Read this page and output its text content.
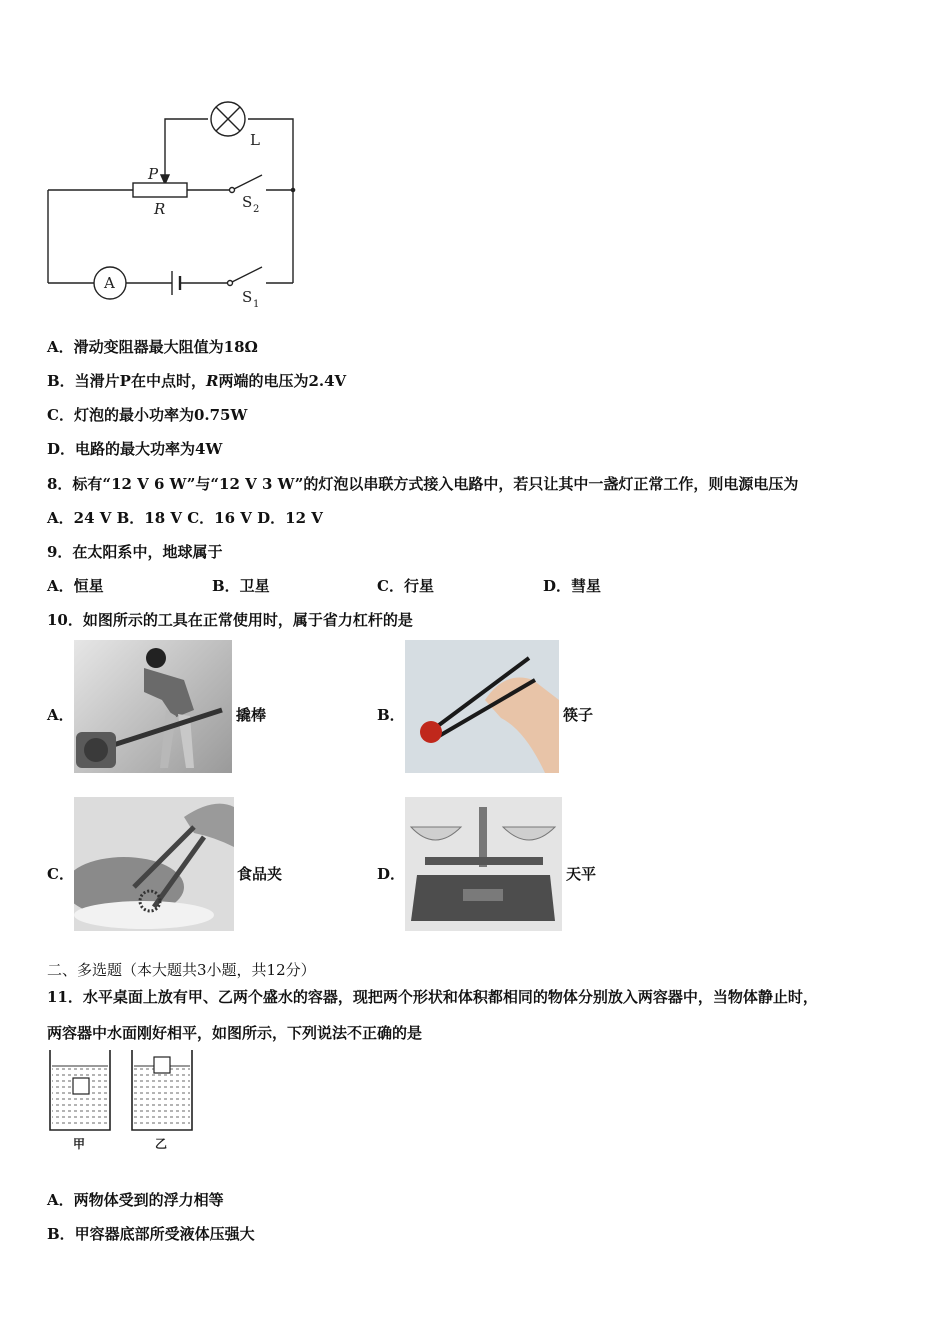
L
P
R	S 2
A
S 1
A．滑动变阻器最大阻值为18Ω
B．当滑片P在中点时，R两端的电压为2.4V
C．灯泡的最小功率为0.75W
D．电路的最大功率为4W
8．标有“12 V 6 W”与“12 V 3 W”的灯泡以串联方式接入电路中，若只让其中一盏灯正常工作，则电源电压为
A．24 V B．18 V C．16 V D．12 V
9．在太阳系中，地球属于
A．恒星	B．卫星	C．行星	D．彗星
10．如图所示的工具在正常使用时，属于省力杠杆的是
A．	撬棒	B．	筷子
C．	食品夹	D．	天平
二、多选题（本大题共3小题，共12分）
11．水平桌面上放有甲、乙两个盛水的容器，现把两个形状和体积都相同的物体分别放入两容器中，当物体静止时，
两容器中水面刚好相平，如图所示，下列说法不正确的是
甲	乙
A．两物体受到的浮力相等
B．甲容器底部所受液体压强大
